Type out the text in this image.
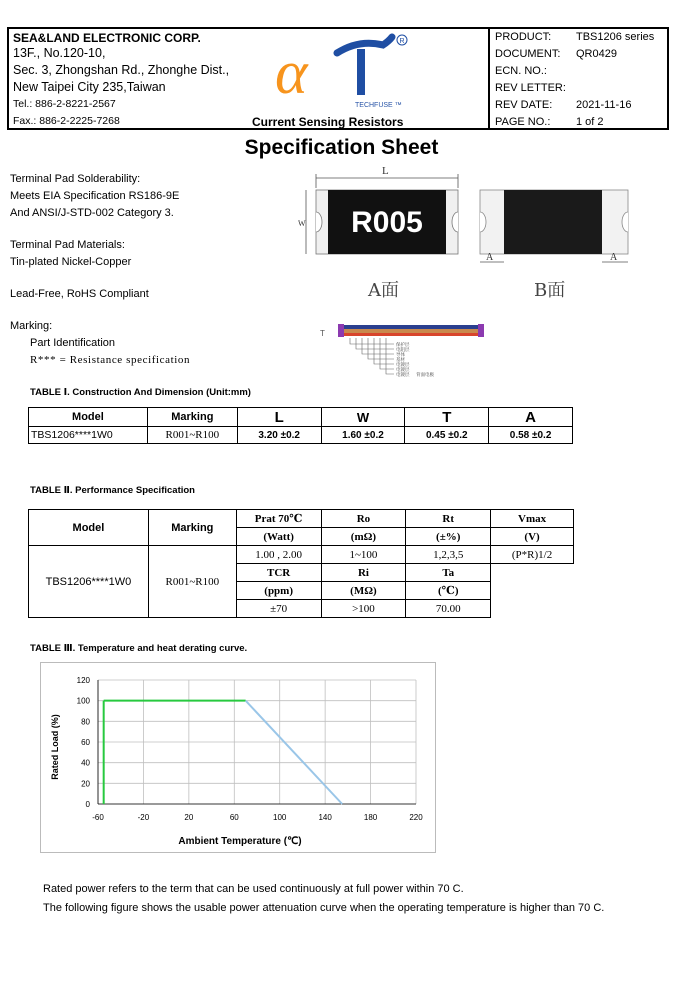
SEA&LAND ELECTRONIC CORP.
13F., No.120-10,
Sec. 3, Zhongshan Rd., Zhonghe Dist.,
New Taipei City 235,Taiwan
Tel.: 886-2-8221-2567
Fax.: 886-2-2225-7268
α	R
TECHFUSE ™
Current Sensing Resistors
PRODUCT: TBS1206 series
DOCUMENT: QR0429
ECN. NO.:
REV LETTER:
REV DATE: 2021-11-16
PAGE NO.: 1 of 2
Specification Sheet
Terminal Pad Solderability:
Meets EIA Specification RS186-9E
And ANSI/J-STD-002 Category 3.
Terminal Pad Materials:
Tin-plated Nickel-Copper
Lead-Free, RoHS Compliant
Marking:
Part Identification
R*** = Resistance specification
L
W R005
A面
A	A
B面
T
保护层
电阻层
导体
基材
电镀层
电镀层
电镀层 背面电极
TABLE Ⅰ. Construction And Dimension (Unit:mm)
Model	Marking	L	W	T	A
TBS1206****1W0	R001~R100	3.20 ±0.2	1.60 ±0.2	0.45 ±0.2	0.58 ±0.2
TABLE Ⅱ. Performance Specification
Model	Marking	Prat 70℃	Ro	Rt	Vmax
		(Watt)	(mΩ)	(±%)	(V)
TBS1206****1W0	R001~R100	1.00 , 2.00	1~100	1,2,3,5	(P*R)1/2
		TCR	Ri	Ta	
		(ppm)	(MΩ)	(℃)	
		±70	>100	70.00	
TABLE Ⅲ. Temperature and heat derating curve.
0
20
40
60
80
100
120
-60	-20	20	60	100	140	180	220
Ambient Temperature (℃)
Rated Load (%)
Rated power refers to the term that can be used continuously at full power within 70 C.
The following figure shows the usable power attenuation curve when the operating temperature is higher than 70 C.
